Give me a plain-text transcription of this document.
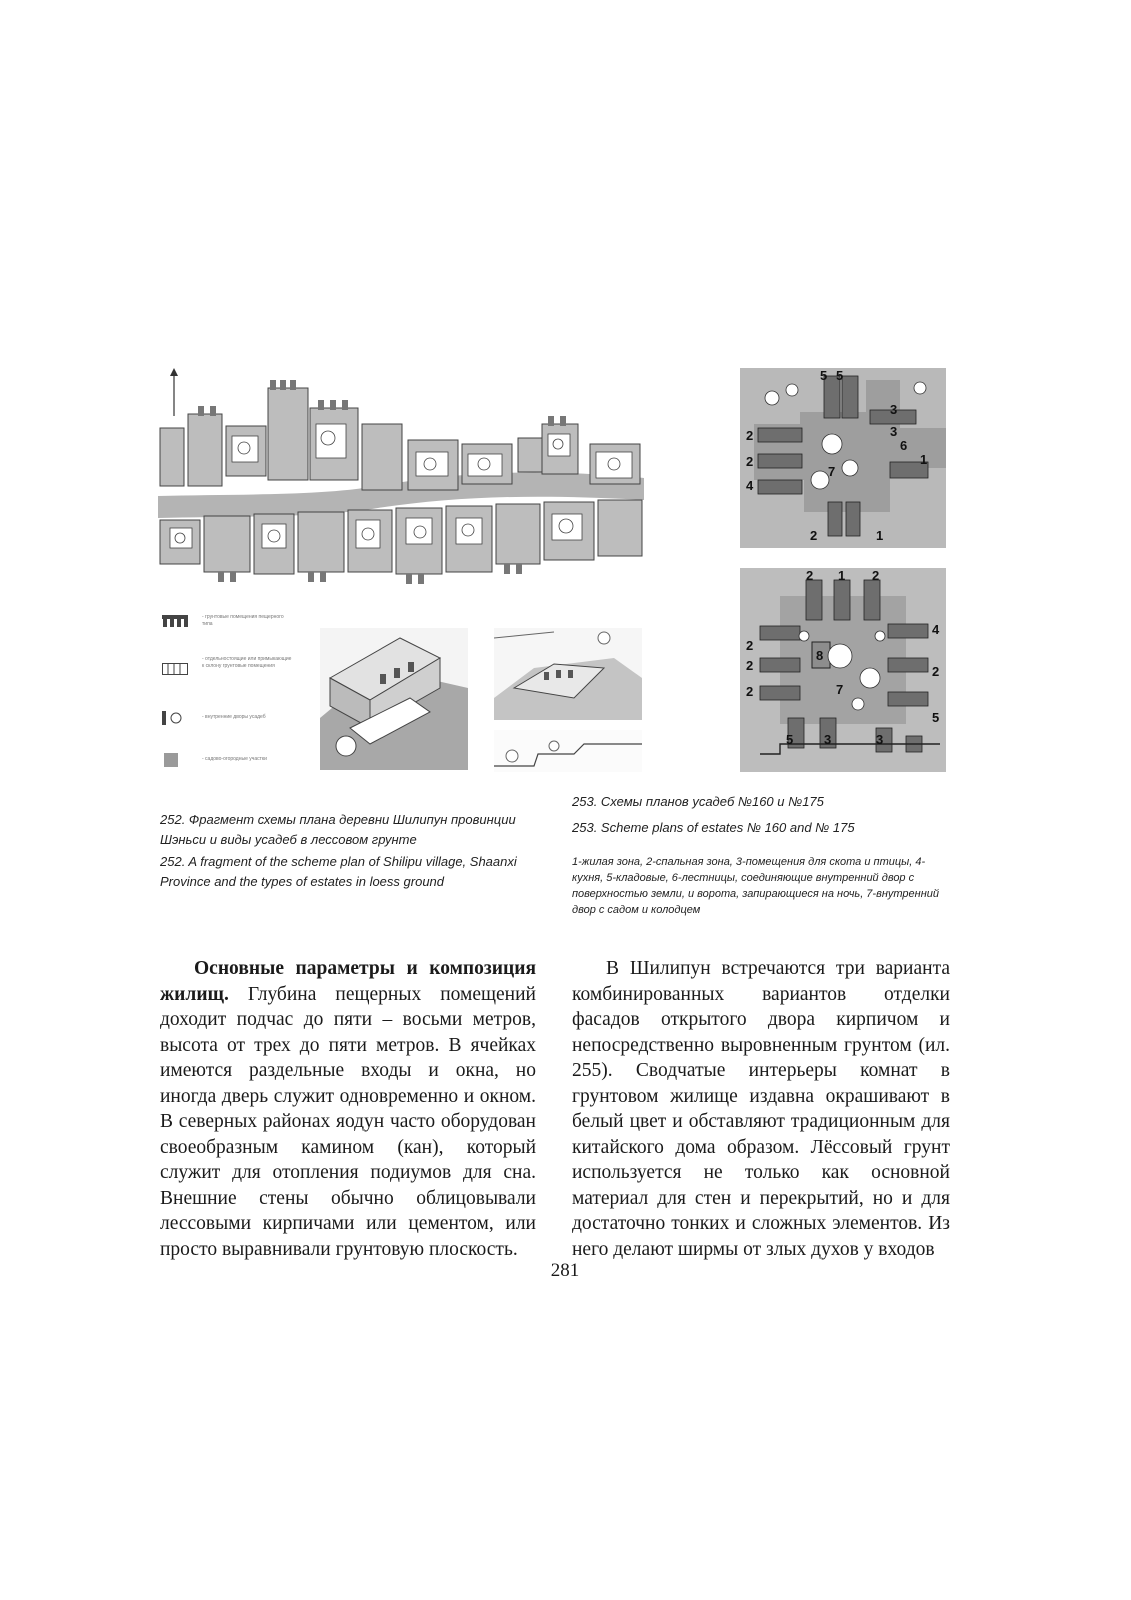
- грунтовые помещения пещерного типа
- отдельностоящие или примыкающие к склону грунтовые помещения
- внутренние дворы усадеб
- садово-огородные участки
5 5
3
3
2
6
2	1
4
7
2	1
2 1 2
4
2
2
2
2
5
5 3	3
8
7
252. Фрагмент схемы плана деревни Шилипун провинции Шэньси и виды усадеб в лессовом грунте
252. A fragment of the scheme plan of Shilipu village, Shaanxi Province and the types of estates in loess ground
253. Схемы планов усадеб №160 и №175
253. Scheme plans of estates № 160 and № 175
1-жилая зона, 2-спальная зона, 3-помещения для скота и птицы, 4-кухня, 5-кладовые, 6-лестницы, соединяющие внутренний двор с поверхностью земли, и ворота, запирающиеся на ночь, 7-внутренний двор с садом и колодцем
Основные параметры и композиция жилищ. Глубина пещерных помещений доходит подчас до пяти – восьми метров, высота от трех до пяти метров. В ячейках имеются раздельные входы и окна, но иногда дверь служит одновременно и окном. В северных районах яодун часто оборудован своеобразным камином (кан), который служит для отопления подиумов для сна. Внешние стены обычно облицовывали лессовыми кирпичами или цементом, или просто выравнивали грунтовую плоскость.
В Шилипун встречаются три варианта комбинированных вариантов отделки фасадов открытого двора кирпичом и непосредственно выровненным грунтом (ил. 255). Сводчатые интерьеры комнат в грунтовом жилище издавна окрашивают в белый цвет и обставляют традиционным для китайского дома образом. Лёссовый грунт используется не только как основной материал для стен и перекрытий, но и для достаточно тонких и сложных элементов. Из него делают ширмы от злых духов у входов
281
